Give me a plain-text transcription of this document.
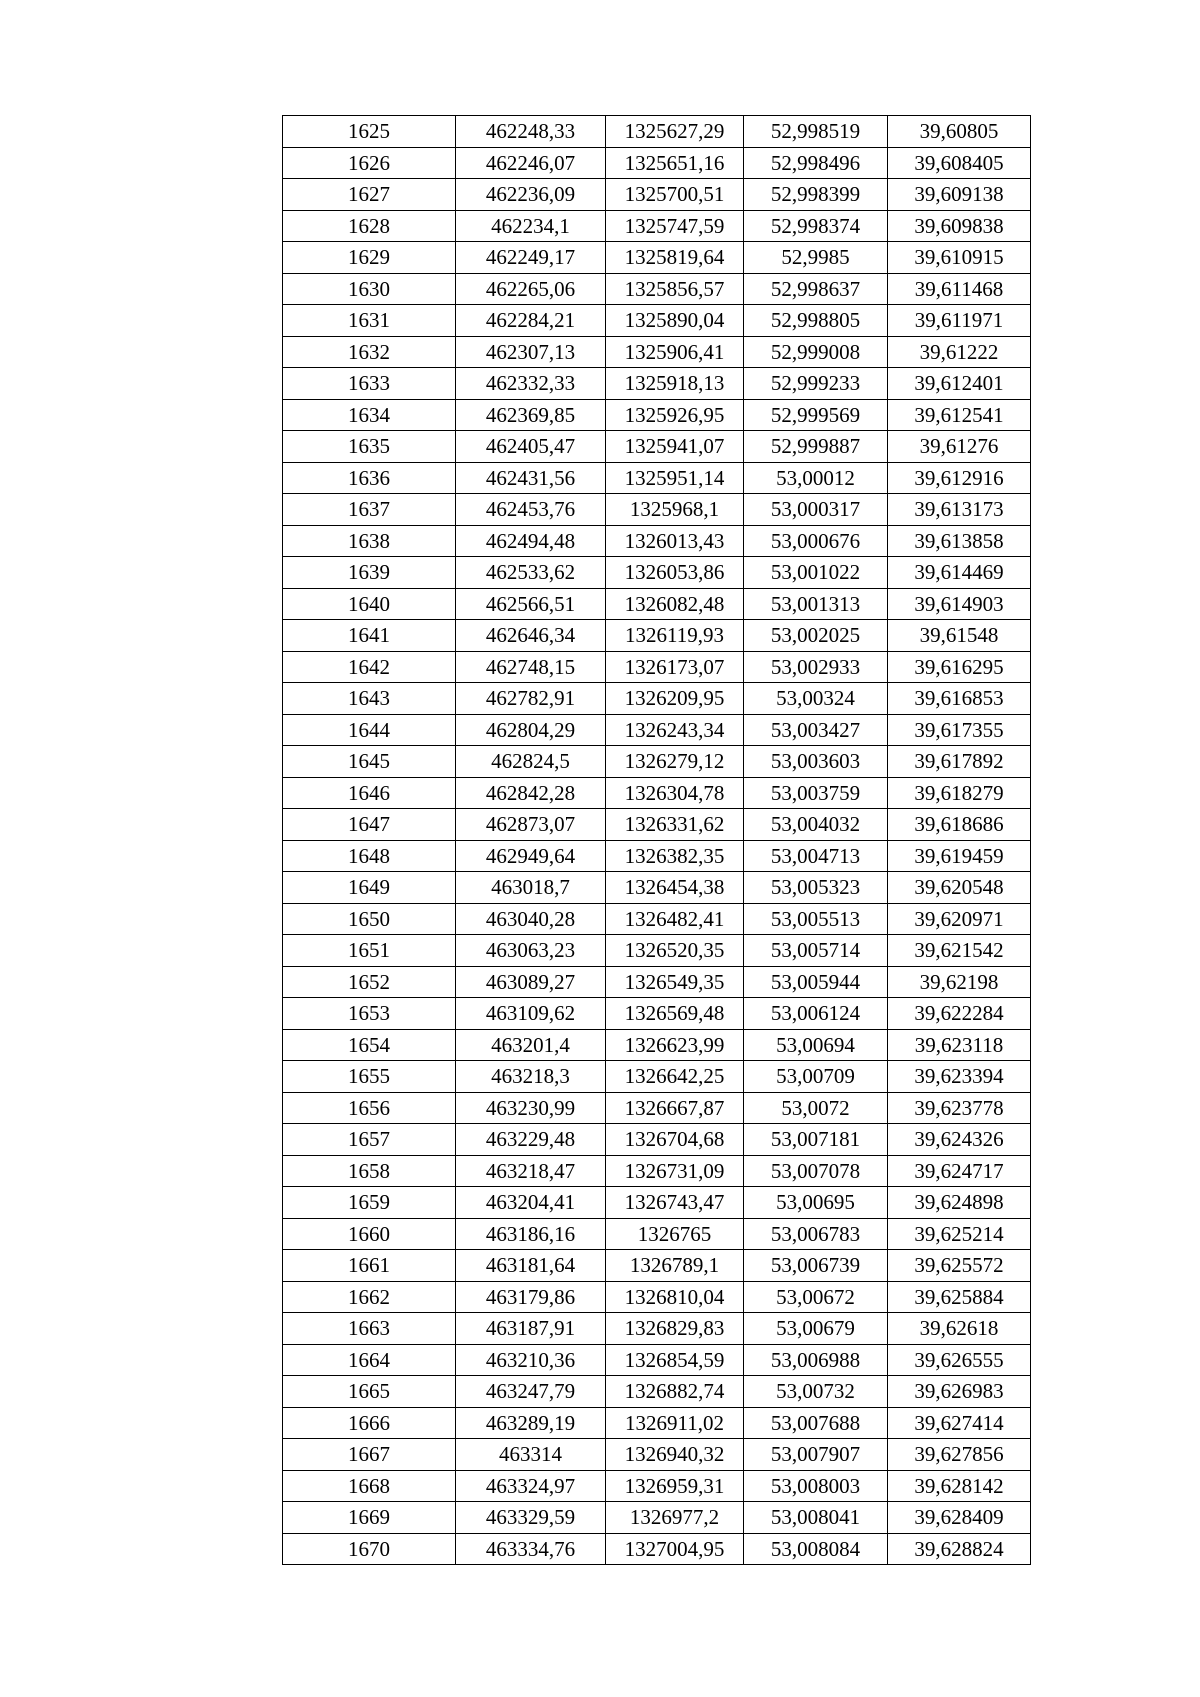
1625	462248,33	1325627,29	52,998519	39,60805
1626	462246,07	1325651,16	52,998496	39,608405
1627	462236,09	1325700,51	52,998399	39,609138
1628	462234,1	1325747,59	52,998374	39,609838
1629	462249,17	1325819,64	52,9985	39,610915
1630	462265,06	1325856,57	52,998637	39,611468
1631	462284,21	1325890,04	52,998805	39,611971
1632	462307,13	1325906,41	52,999008	39,61222
1633	462332,33	1325918,13	52,999233	39,612401
1634	462369,85	1325926,95	52,999569	39,612541
1635	462405,47	1325941,07	52,999887	39,61276
1636	462431,56	1325951,14	53,00012	39,612916
1637	462453,76	1325968,1	53,000317	39,613173
1638	462494,48	1326013,43	53,000676	39,613858
1639	462533,62	1326053,86	53,001022	39,614469
1640	462566,51	1326082,48	53,001313	39,614903
1641	462646,34	1326119,93	53,002025	39,61548
1642	462748,15	1326173,07	53,002933	39,616295
1643	462782,91	1326209,95	53,00324	39,616853
1644	462804,29	1326243,34	53,003427	39,617355
1645	462824,5	1326279,12	53,003603	39,617892
1646	462842,28	1326304,78	53,003759	39,618279
1647	462873,07	1326331,62	53,004032	39,618686
1648	462949,64	1326382,35	53,004713	39,619459
1649	463018,7	1326454,38	53,005323	39,620548
1650	463040,28	1326482,41	53,005513	39,620971
1651	463063,23	1326520,35	53,005714	39,621542
1652	463089,27	1326549,35	53,005944	39,62198
1653	463109,62	1326569,48	53,006124	39,622284
1654	463201,4	1326623,99	53,00694	39,623118
1655	463218,3	1326642,25	53,00709	39,623394
1656	463230,99	1326667,87	53,0072	39,623778
1657	463229,48	1326704,68	53,007181	39,624326
1658	463218,47	1326731,09	53,007078	39,624717
1659	463204,41	1326743,47	53,00695	39,624898
1660	463186,16	1326765	53,006783	39,625214
1661	463181,64	1326789,1	53,006739	39,625572
1662	463179,86	1326810,04	53,00672	39,625884
1663	463187,91	1326829,83	53,00679	39,62618
1664	463210,36	1326854,59	53,006988	39,626555
1665	463247,79	1326882,74	53,00732	39,626983
1666	463289,19	1326911,02	53,007688	39,627414
1667	463314	1326940,32	53,007907	39,627856
1668	463324,97	1326959,31	53,008003	39,628142
1669	463329,59	1326977,2	53,008041	39,628409
1670	463334,76	1327004,95	53,008084	39,628824
